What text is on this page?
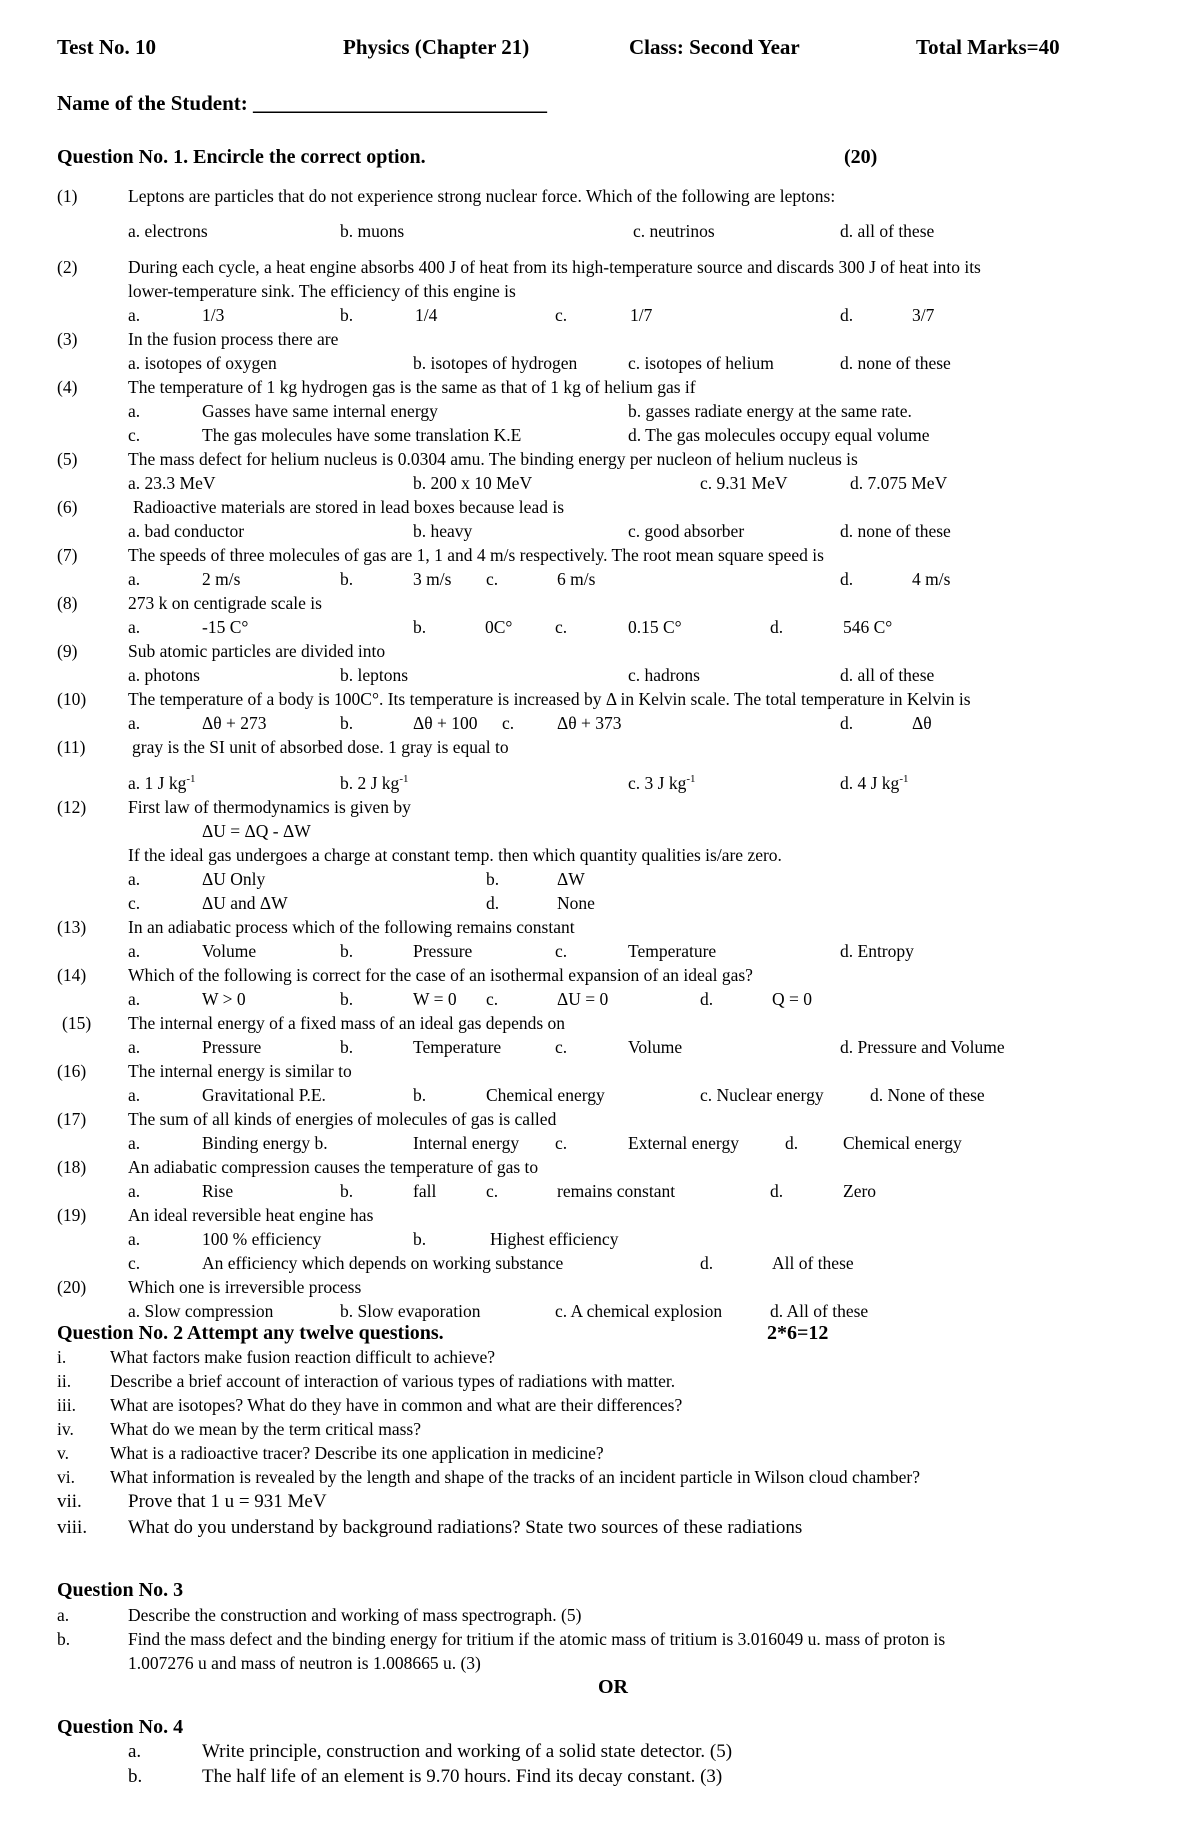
Test No. 10	Physics (Chapter 21)	Class: Second Year	Total Marks=40
Name of the Student: ____________________________
Question No. 1. Encircle the correct option.	(20)
(1)	Leptons are particles that do not experience strong nuclear force. Which of the following are leptons:
a. electrons	b. muons	c. neutrinos	d. all of these
(2)	During each cycle, a heat engine absorbs 400 J of heat from its high-temperature source and discards 300 J of heat into its
lower-temperature sink. The efficiency of this engine is
a.	1/3	b.	1/4	c.	1/7	d.	3/7
(3)	In the fusion process there are
a. isotopes of oxygen	b. isotopes of hydrogen	c. isotopes of helium	d. none of these
(4)	The temperature of 1 kg hydrogen gas is the same as that of 1 kg of helium gas if
a.	Gasses have same internal energy	b. gasses radiate energy at the same rate.
c.	The gas molecules have some translation K.E	d. The gas molecules occupy equal volume
(5)	The mass defect for helium nucleus is 0.0304 amu. The binding energy per nucleon of helium nucleus is
a. 23.3 MeV	b. 200 x 10 MeV	c. 9.31 MeV	d. 7.075 MeV
(6)	Radioactive materials are stored in lead boxes because lead is
a. bad conductor	b. heavy	c. good absorber	d. none of these
(7)	The speeds of three molecules of gas are 1, 1 and 4 m/s respectively. The root mean square speed is
a.	2 m/s	b.	3 m/s c.	6 m/s	d.	4 m/s
(8)	273 k on centigrade scale is
a.	-15 C°	b.	0C° c.	0.15 C°	d.	546 C°
(9)	Sub atomic particles are divided into
a. photons	b. leptons	c. hadrons	d. all of these
(10) The temperature of a body is 100C°. Its temperature is increased by Δ in Kelvin scale. The total temperature in Kelvin is
a.	Δθ + 273	b.	Δθ + 100 c. Δθ + 373	d.	Δθ
(11)	gray is the SI unit of absorbed dose. 1 gray is equal to
a. 1 J $kg^{-1}$	b. 2 J $kg^{-1}$	c. 3 J $kg^{-1}$	d. 4 J $kg^{-1}$
(12) First law of thermodynamics is given by
ΔU = ΔQ - ΔW
If the ideal gas undergoes a charge at constant temp. then which quantity qualities is/are zero.
a.	ΔU Only	b.	ΔW
c.	ΔU and ΔW	d.	None
(13) In an adiabatic process which of the following remains constant
a.	Volume	b.	Pressure	c.	Temperature	d. Entropy
(14) Which of the following is correct for the case of an isothermal expansion of an ideal gas?
a.	W > 0	b.	W = 0 c.	ΔU = 0	d.	Q = 0
(15) The internal energy of a fixed mass of an ideal gas depends on
a.	Pressure	b.	Temperature	c.	Volume	d. Pressure and Volume
(16) The internal energy is similar to
a.	Gravitational P.E.	b.	Chemical energy	c. Nuclear energy	d. None of these
(17) The sum of all kinds of energies of molecules of gas is called
a.	Binding energy b.	Internal energy c.	External energy	d.	Chemical energy
(18) An adiabatic compression causes the temperature of gas to
a.	Rise	b.	fall	c.	remains constant	d.	Zero
(19) An ideal reversible heat engine has
a.	100 % efficiency	b.	Highest efficiency
c.	An efficiency which depends on working substance	d.	All of these
(20) Which one is irreversible process
a. Slow compression	b. Slow evaporation	c. A chemical explosion	d. All of these
Question No. 2 Attempt any twelve questions.	2*6=12
i.	What factors make fusion reaction difficult to achieve?
ii. Describe a brief account of interaction of various types of radiations with matter.
iii. What are isotopes? What do they have in common and what are their differences?
iv. What do we mean by the term critical mass?
v. What is a radioactive tracer? Describe its one application in medicine?
vi. What information is revealed by the length and shape of the tracks of an incident particle in Wilson cloud chamber?
vii. Prove that 1 u = 931 MeV
viii. What do you understand by background radiations? State two sources of these radiations
Question No. 3
a.	Describe the construction and working of mass spectrograph. (5)
b.	Find the mass defect and the binding energy for tritium if the atomic mass of tritium is 3.016049 u. mass of proton is
1.007276 u and mass of neutron is 1.008665 u. (3)
OR
Question No. 4
a.	Write principle, construction and working of a solid state detector. (5)
b.	The half life of an element is 9.70 hours. Find its decay constant. (3)
